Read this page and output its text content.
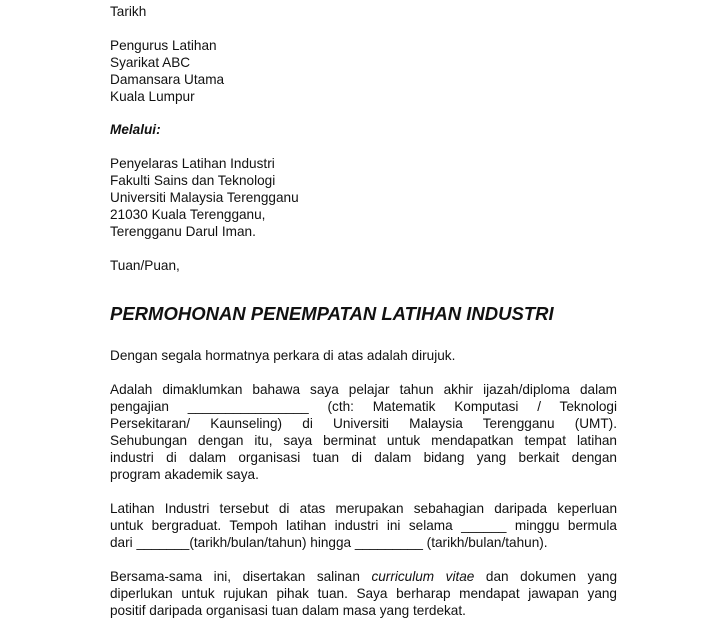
Tarikh
Pengurus Latihan
Syarikat ABC
Damansara Utama
Kuala Lumpur
Melalui:
Penyelaras Latihan Industri
Fakulti Sains dan Teknologi
Universiti Malaysia Terengganu
21030 Kuala Terengganu,
Terengganu Darul Iman.
Tuan/Puan,
PERMOHONAN PENEMPATAN LATIHAN INDUSTRI
Dengan segala hormatnya perkara di atas adalah dirujuk.
Adalah dimaklumkan bahawa saya pelajar tahun akhir ijazah/diploma dalam
pengajian ________________ (cth: Matematik Komputasi / Teknologi
Persekitaran/ Kaunseling) di Universiti Malaysia Terengganu (UMT).
Sehubungan dengan itu, saya berminat untuk mendapatkan tempat latihan
industri di dalam organisasi tuan di dalam bidang yang berkait dengan
program akademik saya.
Latihan Industri tersebut di atas merupakan sebahagian daripada keperluan
untuk bergraduat. Tempoh latihan industri ini selama ______ minggu bermula
dari _______(tarikh/bulan/tahun) hingga _________ (tarikh/bulan/tahun).
Bersama-sama ini, disertakan salinan curriculum vitae dan dokumen yang
diperlukan untuk rujukan pihak tuan. Saya berharap mendapat jawapan yang
positif daripada organisasi tuan dalam masa yang terdekat.
